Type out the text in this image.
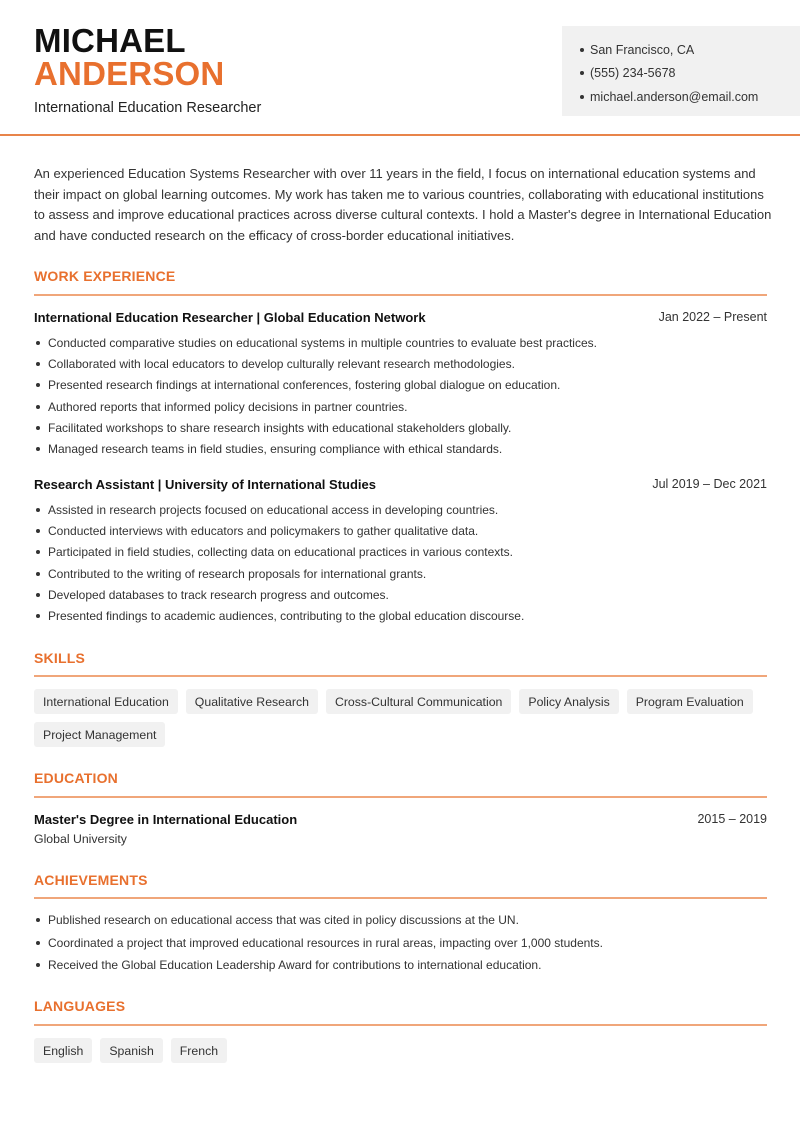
MICHAEL
ANDERSON
International Education Researcher
San Francisco, CA
(555) 234-5678
michael.anderson@email.com

An experienced Education Systems Researcher with over 11 years in the field, I focus on international education systems and their impact on global learning outcomes. My work has taken me to various countries, collaborating with educational institutions to assess and improve educational practices across diverse cultural contexts. I hold a Master's degree in International Education and have conducted research on the efficacy of cross-border educational initiatives.

WORK EXPERIENCE
International Education Researcher | Global Education Network	Jan 2022 – Present
Conducted comparative studies on educational systems in multiple countries to evaluate best practices.
Collaborated with local educators to develop culturally relevant research methodologies.
Presented research findings at international conferences, fostering global dialogue on education.
Authored reports that informed policy decisions in partner countries.
Facilitated workshops to share research insights with educational stakeholders globally.
Managed research teams in field studies, ensuring compliance with ethical standards.
Research Assistant | University of International Studies	Jul 2019 – Dec 2021
Assisted in research projects focused on educational access in developing countries.
Conducted interviews with educators and policymakers to gather qualitative data.
Participated in field studies, collecting data on educational practices in various contexts.
Contributed to the writing of research proposals for international grants.
Developed databases to track research progress and outcomes.
Presented findings to academic audiences, contributing to the global education discourse.
SKILLS
International Education	Qualitative Research	Cross-Cultural Communication	Policy Analysis	Program Evaluation
Project Management
EDUCATION
Master's Degree in International Education	2015 – 2019
Global University
ACHIEVEMENTS
Published research on educational access that was cited in policy discussions at the UN.
Coordinated a project that improved educational resources in rural areas, impacting over 1,000 students.
Received the Global Education Leadership Award for contributions to international education.
LANGUAGES
English	Spanish	French
